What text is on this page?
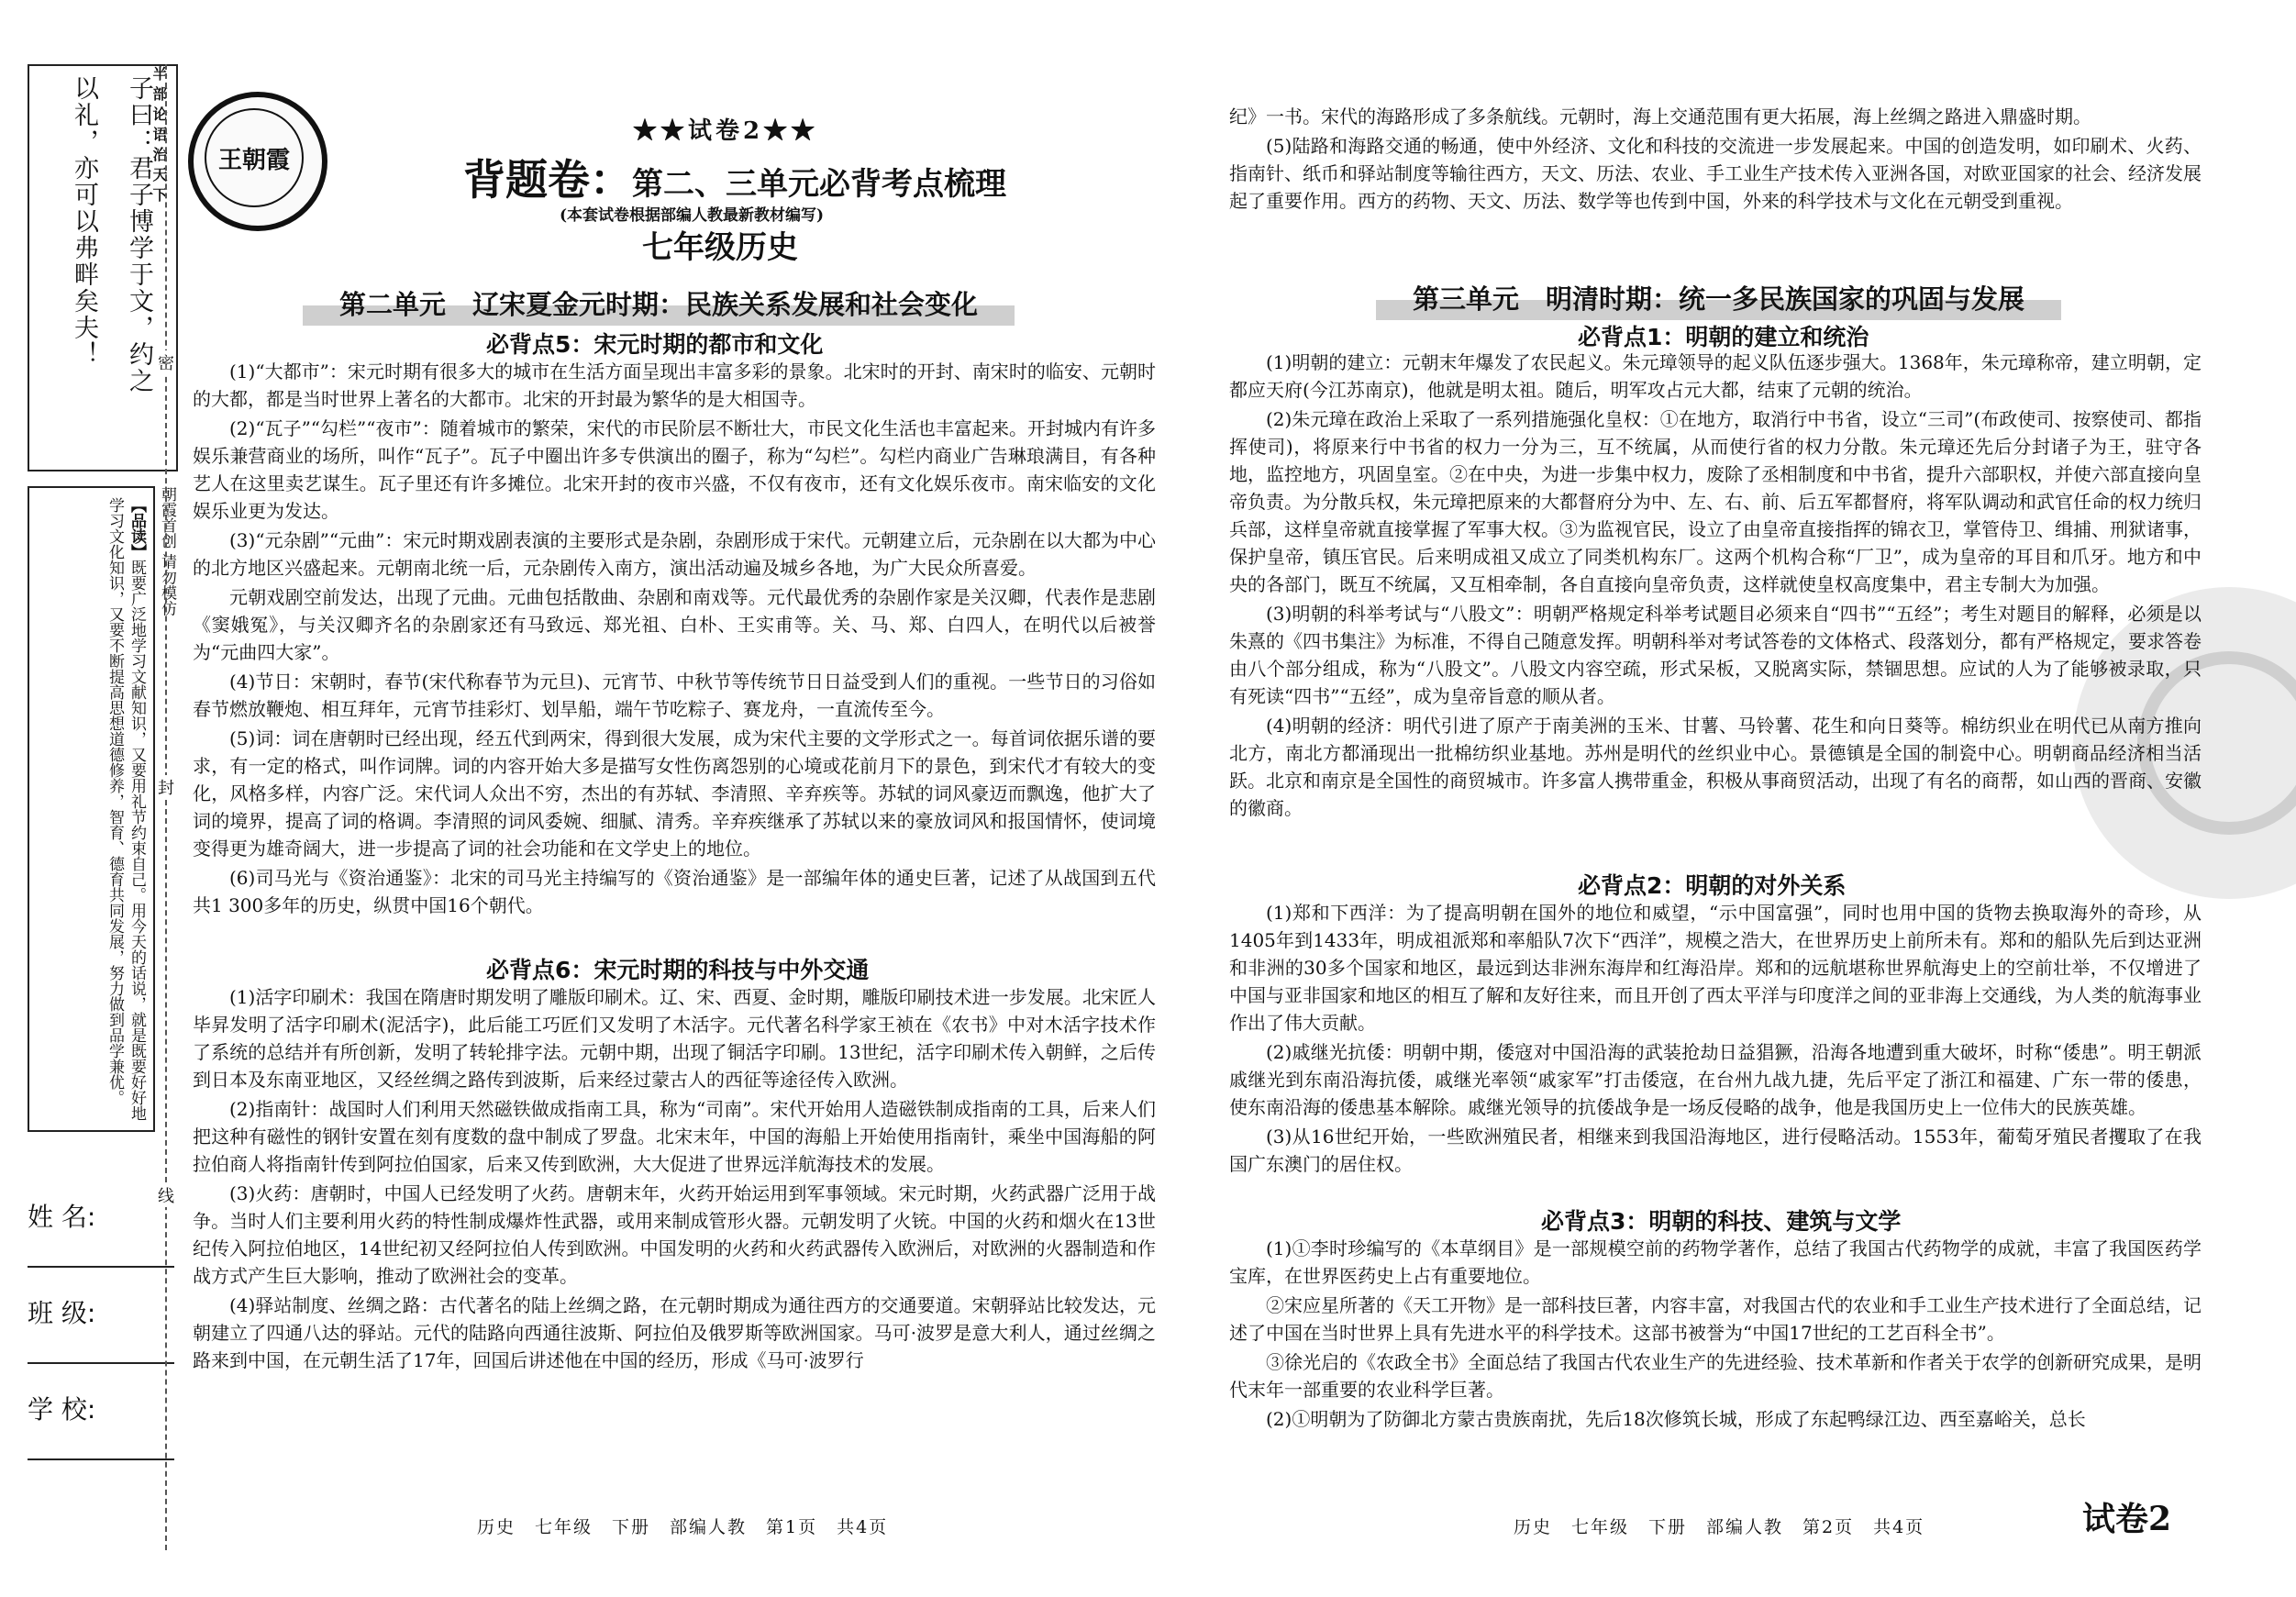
半部论语治天下
子曰：君子博学于文，约之
以礼，亦可以弗畔矣夫！
【品读】既要广泛地学习文献知识，又要用礼节约束自己。用今天的话说，就是既要好好地学习文化知识，又要不断提高思想道德修养，智育、德育共同发展，努力做到品学兼优。	朝霞首创 请勿模仿
姓 名:
班 级:
学 校:
密
封
线
王朝霞
★★试卷2★★
背题卷：第二、三单元必背考点梳理
(本套试卷根据部编人教最新教材编写)
七年级历史
第二单元　辽宋夏金元时期：民族关系发展和社会变化
必背点5：宋元时期的都市和文化

(1)“大都市”：宋元时期有很多大的城市在生活方面呈现出丰富多彩的景象。北宋时的开封、南宋时的临安、元朝时的大都，都是当时世界上著名的大都市。北宋的开封最为繁华的是大相国寺。

(2)“瓦子”“勾栏”“夜市”：随着城市的繁荣，宋代的市民阶层不断壮大，市民文化生活也丰富起来。开封城内有许多娱乐兼营商业的场所，叫作“瓦子”。瓦子中圈出许多专供演出的圈子，称为“勾栏”。勾栏内商业广告琳琅满目，有各种艺人在这里卖艺谋生。瓦子里还有许多摊位。北宋开封的夜市兴盛，不仅有夜市，还有文化娱乐夜市。南宋临安的文化娱乐业更为发达。

(3)“元杂剧”“元曲”：宋元时期戏剧表演的主要形式是杂剧，杂剧形成于宋代。元朝建立后，元杂剧在以大都为中心的北方地区兴盛起来。元朝南北统一后，元杂剧传入南方，演出活动遍及城乡各地，为广大民众所喜爱。

元朝戏剧空前发达，出现了元曲。元曲包括散曲、杂剧和南戏等。元代最优秀的杂剧作家是关汉卿，代表作是悲剧《窦娥冤》，与关汉卿齐名的杂剧家还有马致远、郑光祖、白朴、王实甫等。关、马、郑、白四人，在明代以后被誉为“元曲四大家”。

(4)节日：宋朝时，春节(宋代称春节为元旦)、元宵节、中秋节等传统节日日益受到人们的重视。一些节日的习俗如春节燃放鞭炮、相互拜年，元宵节挂彩灯、划旱船，端午节吃粽子、赛龙舟，一直流传至今。

(5)词：词在唐朝时已经出现，经五代到两宋，得到很大发展，成为宋代主要的文学形式之一。每首词依据乐谱的要求，有一定的格式，叫作词牌。词的内容开始大多是描写女性伤离怨别的心境或花前月下的景色，到宋代才有较大的变化，风格多样，内容广泛。宋代词人众出不穷，杰出的有苏轼、李清照、辛弃疾等。苏轼的词风豪迈而飘逸，他扩大了词的境界，提高了词的格调。李清照的词风委婉、细腻、清秀。辛弃疾继承了苏轼以来的豪放词风和报国情怀，使词境变得更为雄奇阔大，进一步提高了词的社会功能和在文学史上的地位。

(6)司马光与《资治通鉴》：北宋的司马光主持编写的《资治通鉴》是一部编年体的通史巨著，记述了从战国到五代共1 300多年的历史，纵贯中国16个朝代。

必背点6：宋元时期的科技与中外交通

(1)活字印刷术：我国在隋唐时期发明了雕版印刷术。辽、宋、西夏、金时期，雕版印刷技术进一步发展。北宋匠人毕昇发明了活字印刷术(泥活字)，此后能工巧匠们又发明了木活字。元代著名科学家王祯在《农书》中对木活字技术作了系统的总结并有所创新，发明了转轮排字法。元朝中期，出现了铜活字印刷。13世纪，活字印刷术传入朝鲜，之后传到日本及东南亚地区，又经丝绸之路传到波斯，后来经过蒙古人的西征等途径传入欧洲。

(2)指南针：战国时人们利用天然磁铁做成指南工具，称为“司南”。宋代开始用人造磁铁制成指南的工具，后来人们把这种有磁性的钢针安置在刻有度数的盘中制成了罗盘。北宋末年，中国的海船上开始使用指南针，乘坐中国海船的阿拉伯商人将指南针传到阿拉伯国家，后来又传到欧洲，大大促进了世界远洋航海技术的发展。

(3)火药：唐朝时，中国人已经发明了火药。唐朝末年，火药开始运用到军事领域。宋元时期，火药武器广泛用于战争。当时人们主要利用火药的特性制成爆炸性武器，或用来制成管形火器。元朝发明了火铳。中国的火药和烟火在13世纪传入阿拉伯地区，14世纪初又经阿拉伯人传到欧洲。中国发明的火药和火药武器传入欧洲后，对欧洲的火器制造和作战方式产生巨大影响，推动了欧洲社会的变革。

(4)驿站制度、丝绸之路：古代著名的陆上丝绸之路，在元朝时期成为通往西方的交通要道。宋朝驿站比较发达，元朝建立了四通八达的驿站。元代的陆路向西通往波斯、阿拉伯及俄罗斯等欧洲国家。马可·波罗是意大利人，通过丝绸之路来到中国，在元朝生活了17年，回国后讲述他在中国的经历，形成《马可·波罗行

历史　七年级　下册　部编人教　第1页　共4页

纪》一书。宋代的海路形成了多条航线。元朝时，海上交通范围有更大拓展，海上丝绸之路进入鼎盛时期。

(5)陆路和海路交通的畅通，使中外经济、文化和科技的交流进一步发展起来。中国的创造发明，如印刷术、火药、指南针、纸币和驿站制度等输往西方，天文、历法、农业、手工业生产技术传入亚洲各国，对欧亚国家的社会、经济发展起了重要作用。西方的药物、天文、历法、数学等也传到中国，外来的科学技术与文化在元朝受到重视。

第三单元　明清时期：统一多民族国家的巩固与发展
必背点1：明朝的建立和统治

(1)明朝的建立：元朝末年爆发了农民起义。朱元璋领导的起义队伍逐步强大。1368年，朱元璋称帝，建立明朝，定都应天府(今江苏南京)，他就是明太祖。随后，明军攻占元大都，结束了元朝的统治。

(2)朱元璋在政治上采取了一系列措施强化皇权：①在地方，取消行中书省，设立“三司”(布政使司、按察使司、都指挥使司)，将原来行中书省的权力一分为三，互不统属，从而使行省的权力分散。朱元璋还先后分封诸子为王，驻守各地，监控地方，巩固皇室。②在中央，为进一步集中权力，废除了丞相制度和中书省，提升六部职权，并使六部直接向皇帝负责。为分散兵权，朱元璋把原来的大都督府分为中、左、右、前、后五军都督府，将军队调动和武官任命的权力统归兵部，这样皇帝就直接掌握了军事大权。③为监视官民，设立了由皇帝直接指挥的锦衣卫，掌管侍卫、缉捕、刑狱诸事，保护皇帝，镇压官民。后来明成祖又成立了同类机构东厂。这两个机构合称“厂卫”，成为皇帝的耳目和爪牙。地方和中央的各部门，既互不统属，又互相牵制，各自直接向皇帝负责，这样就使皇权高度集中，君主专制大为加强。

(3)明朝的科举考试与“八股文”：明朝严格规定科举考试题目必须来自“四书”“五经”；考生对题目的解释，必须是以朱熹的《四书集注》为标准，不得自己随意发挥。明朝科举对考试答卷的文体格式、段落划分，都有严格规定，要求答卷由八个部分组成，称为“八股文”。八股文内容空疏，形式呆板，又脱离实际，禁锢思想。应试的人为了能够被录取，只有死读“四书”“五经”，成为皇帝旨意的顺从者。

(4)明朝的经济：明代引进了原产于南美洲的玉米、甘薯、马铃薯、花生和向日葵等。棉纺织业在明代已从南方推向北方，南北方都涌现出一批棉纺织业基地。苏州是明代的丝织业中心。景德镇是全国的制瓷中心。明朝商品经济相当活跃。北京和南京是全国性的商贸城市。许多富人携带重金，积极从事商贸活动，出现了有名的商帮，如山西的晋商、安徽的徽商。

必背点2：明朝的对外关系

(1)郑和下西洋：为了提高明朝在国外的地位和威望，“示中国富强”，同时也用中国的货物去换取海外的奇珍，从1405年到1433年，明成祖派郑和率船队7次下“西洋”，规模之浩大，在世界历史上前所未有。郑和的船队先后到达亚洲和非洲的30多个国家和地区，最远到达非洲东海岸和红海沿岸。郑和的远航堪称世界航海史上的空前壮举，不仅增进了中国与亚非国家和地区的相互了解和友好往来，而且开创了西太平洋与印度洋之间的亚非海上交通线，为人类的航海事业作出了伟大贡献。

(2)戚继光抗倭：明朝中期，倭寇对中国沿海的武装抢劫日益猖獗，沿海各地遭到重大破坏，时称“倭患”。明王朝派戚继光到东南沿海抗倭，戚继光率领“戚家军”打击倭寇，在台州九战九捷，先后平定了浙江和福建、广东一带的倭患，使东南沿海的倭患基本解除。戚继光领导的抗倭战争是一场反侵略的战争，他是我国历史上一位伟大的民族英雄。

(3)从16世纪开始，一些欧洲殖民者，相继来到我国沿海地区，进行侵略活动。1553年，葡萄牙殖民者攫取了在我国广东澳门的居住权。

必背点3：明朝的科技、建筑与文学

(1)①李时珍编写的《本草纲目》是一部规模空前的药物学著作，总结了我国古代药物学的成就，丰富了我国医药学宝库，在世界医药史上占有重要地位。

②宋应星所著的《天工开物》是一部科技巨著，内容丰富，对我国古代的农业和手工业生产技术进行了全面总结，记述了中国在当时世界上具有先进水平的科学技术。这部书被誉为“中国17世纪的工艺百科全书”。

③徐光启的《农政全书》全面总结了我国古代农业生产的先进经验、技术革新和作者关于农学的创新研究成果，是明代末年一部重要的农业科学巨著。

(2)①明朝为了防御北方蒙古贵族南扰，先后18次修筑长城，形成了东起鸭绿江边、西至嘉峪关，总长

历史　七年级　下册　部编人教　第2页　共4页	试卷2
